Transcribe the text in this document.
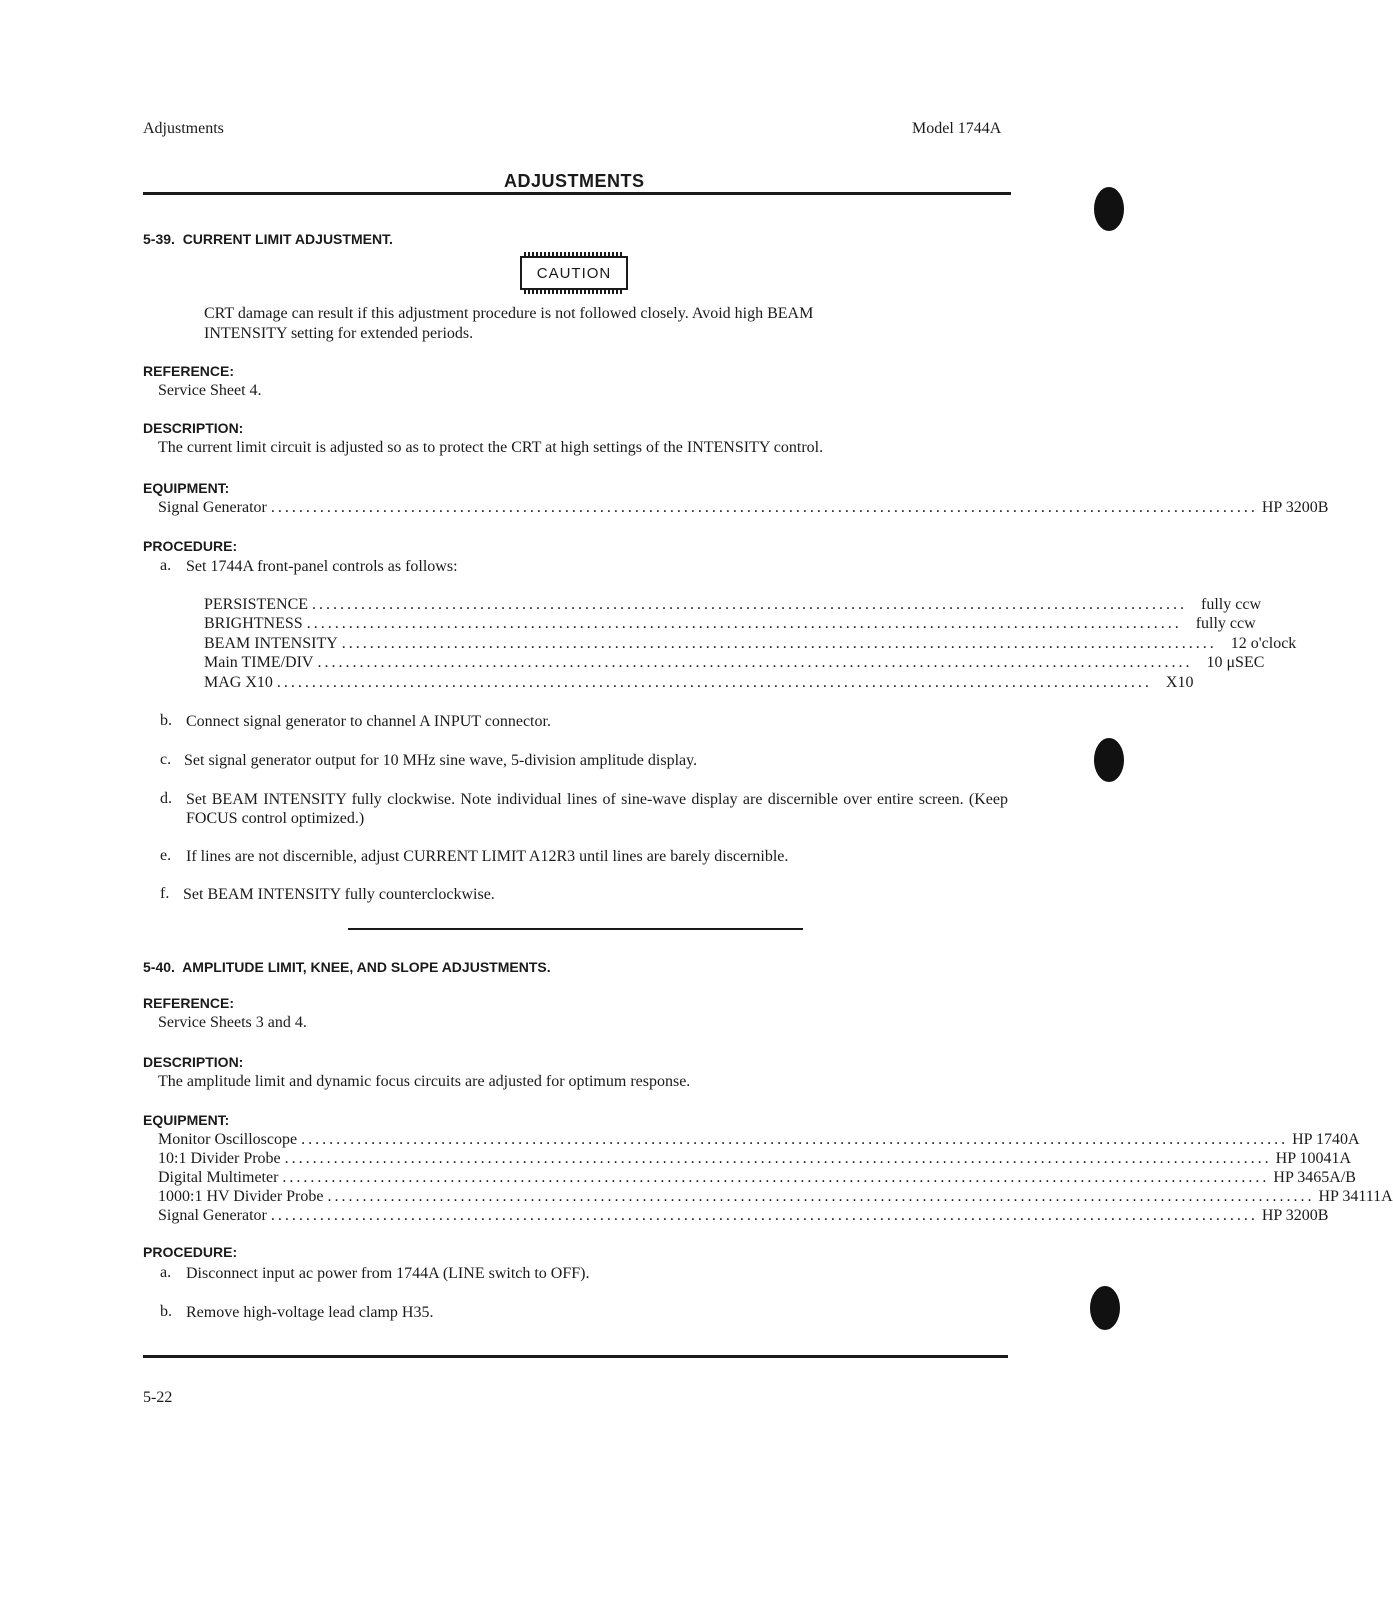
Adjustments	Model 1744A
ADJUSTMENTS
5-39.  CURRENT LIMIT ADJUSTMENT.
CAUTION
CRT damage can result if this adjustment procedure is not followed closely. Avoid high BEAM
INTENSITY setting for extended periods.
REFERENCE:
Service Sheet 4.
DESCRIPTION:
The current limit circuit is adjusted so as to protect the CRT at high settings of the INTENSITY control.
EQUIPMENT:
Signal Generator ............................................................................................................................................. HP 3200B
PROCEDURE:
a. Set 1744A front-panel controls as follows:
PERSISTENCE ............................................................................................................................. fully ccw
BRIGHTNESS ............................................................................................................................. fully ccw
BEAM INTENSITY ............................................................................................................................. 12 o'clock
Main TIME/DIV ............................................................................................................................. 10 μSEC
MAG X10 ............................................................................................................................. X10
b. Connect signal generator to channel A INPUT connector.
c. Set signal generator output for 10 MHz sine wave, 5-division amplitude display.
d. Set BEAM INTENSITY fully clockwise. Note individual lines of sine-wave display are discernible over entire screen. (Keep FOCUS control optimized.)
e. If lines are not discernible, adjust CURRENT LIMIT A12R3 until lines are barely discernible.
f. Set BEAM INTENSITY fully counterclockwise.
5-40.  AMPLITUDE LIMIT, KNEE, AND SLOPE ADJUSTMENTS.
REFERENCE:
Service Sheets 3 and 4.
DESCRIPTION:
The amplitude limit and dynamic focus circuits are adjusted for optimum response.
EQUIPMENT:
Monitor Oscilloscope ............................................................................................................................................. HP 1740A
10:1 Divider Probe ............................................................................................................................................. HP 10041A
Digital Multimeter ............................................................................................................................................. HP 3465A/B
1000:1 HV Divider Probe ............................................................................................................................................. HP 34111A
Signal Generator ............................................................................................................................................. HP 3200B
PROCEDURE:
a. Disconnect input ac power from 1744A (LINE switch to OFF).
b. Remove high-voltage lead clamp H35.
5-22
